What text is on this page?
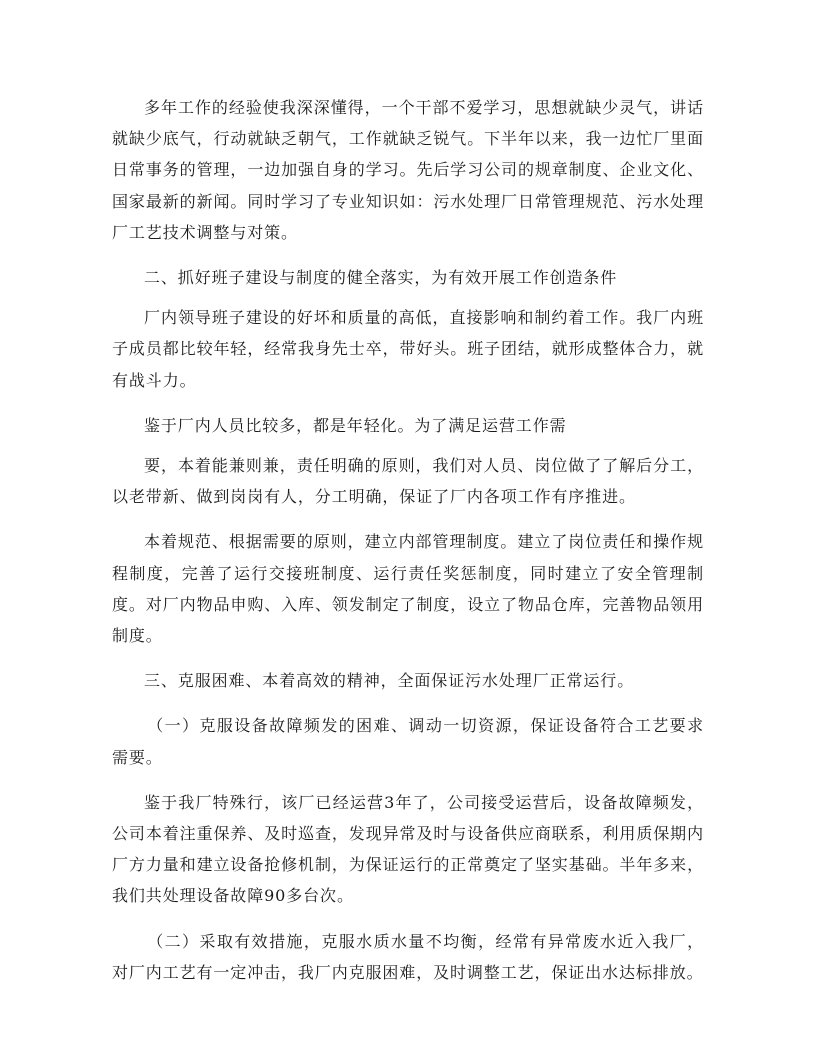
多年工作的经验使我深深懂得，一个干部不爱学习，思想就缺少灵气，讲话就缺少底气，行动就缺乏朝气，工作就缺乏锐气。下半年以来，我一边忙厂里面日常事务的管理，一边加强自身的学习。先后学习公司的规章制度、企业文化、国家最新的新闻。同时学习了专业知识如：污水处理厂日常管理规范、污水处理厂工艺技术调整与对策。

二、抓好班子建设与制度的健全落实，为有效开展工作创造条件

厂内领导班子建设的好坏和质量的高低，直接影响和制约着工作。我厂内班子成员都比较年轻，经常我身先士卒，带好头。班子团结，就形成整体合力，就有战斗力。

鉴于厂内人员比较多，都是年轻化。为了满足运营工作需

要，本着能兼则兼，责任明确的原则，我们对人员、岗位做了了解后分工，以老带新、做到岗岗有人，分工明确，保证了厂内各项工作有序推进。

本着规范、根据需要的原则，建立内部管理制度。建立了岗位责任和操作规程制度，完善了运行交接班制度、运行责任奖惩制度，同时建立了安全管理制度。对厂内物品申购、入库、领发制定了制度，设立了物品仓库，完善物品领用制度。

三、克服困难、本着高效的精神，全面保证污水处理厂正常运行。

（一）克服设备故障频发的困难、调动一切资源，保证设备符合工艺要求需要。

鉴于我厂特殊行，该厂已经运营3年了，公司接受运营后，设备故障频发，公司本着注重保养、及时巡查，发现异常及时与设备供应商联系，利用质保期内厂方力量和建立设备抢修机制，为保证运行的正常奠定了坚实基础。半年多来，我们共处理设备故障90多台次。

（二）采取有效措施，克服水质水量不均衡，经常有异常废水近入我厂，对厂内工艺有一定冲击，我厂内克服困难，及时调整工艺，保证出水达标排放。
